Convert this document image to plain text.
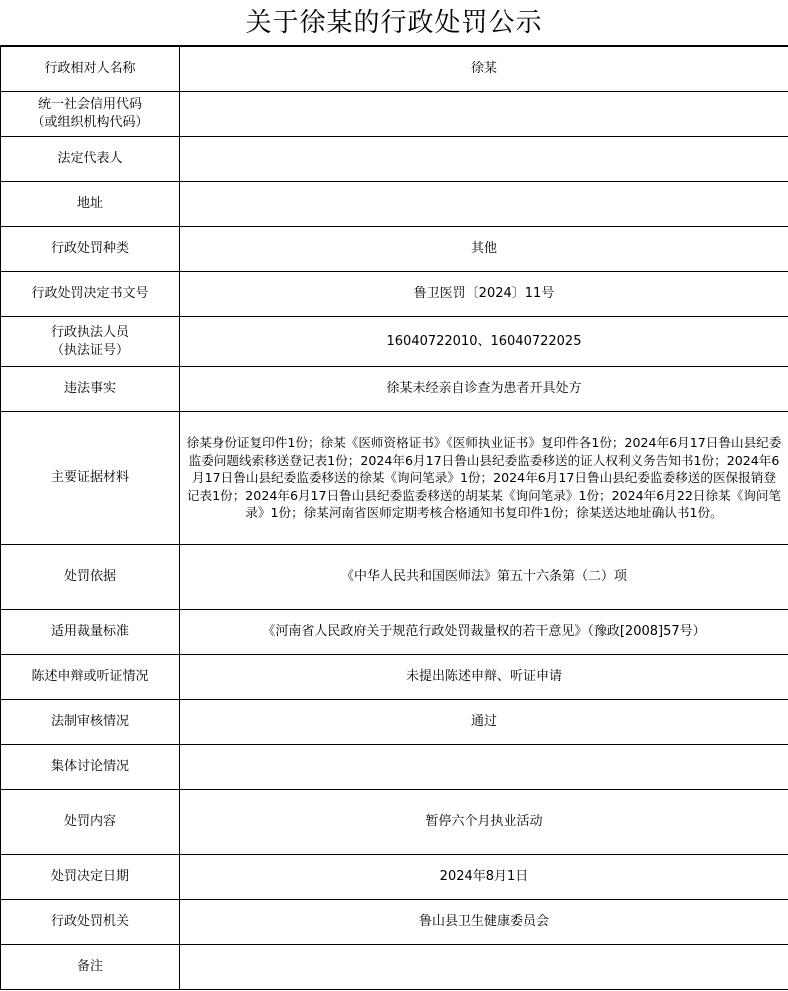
关于徐某的行政处罚公示
行政相对人名称	徐某

统一社会信用代码
（或组织机构代码）	

法定代表人	
地址	
行政处罚种类	其他
行政处罚决定书文号	鲁卫医罚〔2024〕11号

行政执法人员
（执法证号）	16040722010、16040722025
违法事实	徐某未经亲自诊查为患者开具处方
主要证据材料	徐某身份证复印件1份；徐某《医师资格证书》《医师执业证书》复印件各1份；2024年6月17日鲁山县纪委监委问题线索移送登记表1份；2024年6月17日鲁山县纪委监委移送的证人权利义务告知书1份；2024年6月17日鲁山县纪委监委移送的徐某《询问笔录》1份；2024年6月17日鲁山县纪委监委移送的医保报销登记表1份；2024年6月17日鲁山县纪委监委移送的胡某某《询问笔录》1份；2024年6月22日徐某《询问笔录》1份；徐某河南省医师定期考核合格通知书复印件1份；徐某送达地址确认书1份。
处罚依据	《中华人民共和国医师法》第五十六条第（二）项
适用裁量标准	《河南省人民政府关于规范行政处罚裁量权的若干意见》（豫政[2008]57号）
陈述申辩或听证情况	未提出陈述申辩、听证申请
法制审核情况	通过
集体讨论情况	
处罚内容	暂停六个月执业活动
处罚决定日期	2024年8月1日
行政处罚机关	鲁山县卫生健康委员会
备注	
